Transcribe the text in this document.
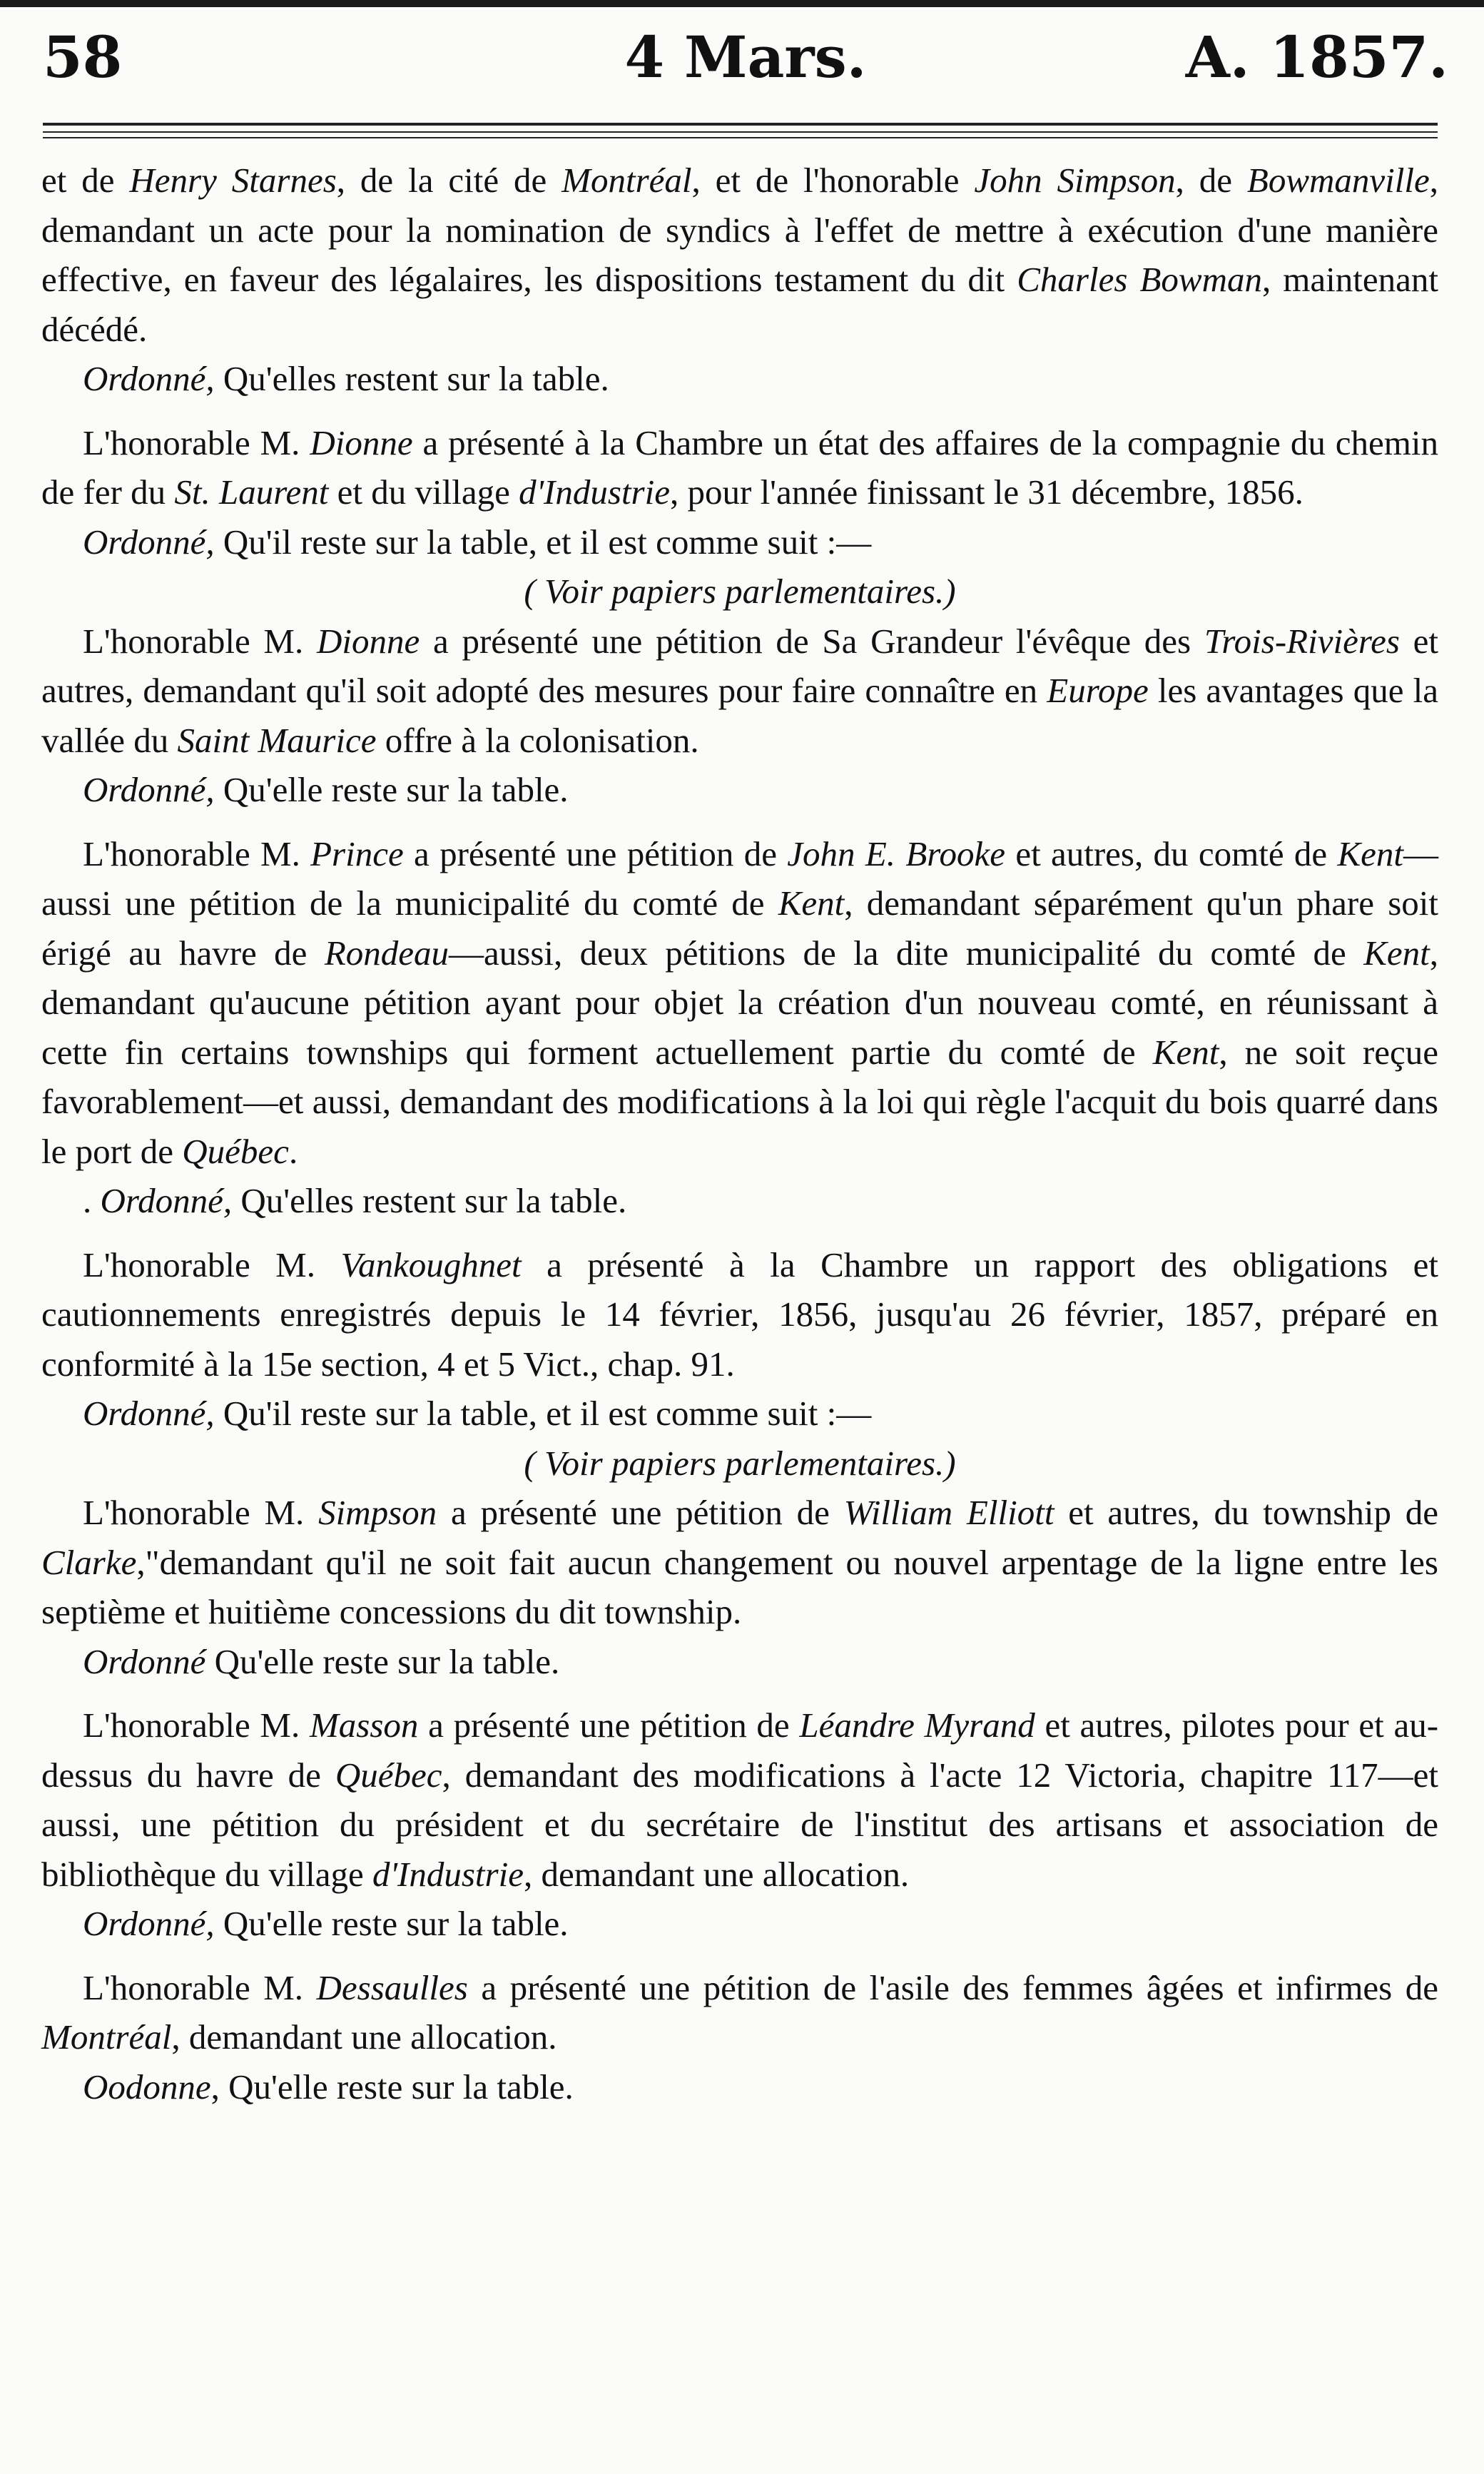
58	4 Mars.	A. 1857.

et de Henry Starnes, de la cité de Montréal, et de l'honorable John Simpson, de Bowmanville, demandant un acte pour la nomination de syndics à l'effet de mettre à exécution d'une manière effective, en faveur des légalaires, les dispositions testament du dit Charles Bowman, maintenant décédé.

Ordonné, Qu'elles restent sur la table.

L'honorable M. Dionne a présenté à la Chambre un état des affaires de la compagnie du chemin de fer du St. Laurent et du village d'Industrie, pour l'année finissant le 31 décembre, 1856.

Ordonné, Qu'il reste sur la table, et il est comme suit :—

( Voir papiers parlementaires.)

L'honorable M. Dionne a présenté une pétition de Sa Grandeur l'évêque des Trois-Rivières et autres, demandant qu'il soit adopté des mesures pour faire connaître en Europe les avantages que la vallée du Saint Maurice offre à la colonisation.

Ordonné, Qu'elle reste sur la table.

L'honorable M. Prince a présenté une pétition de John E. Brooke et autres, du comté de Kent—aussi une pétition de la municipalité du comté de Kent, demandant séparément qu'un phare soit érigé au havre de Rondeau—aussi, deux pétitions de la dite municipalité du comté de Kent, demandant qu'aucune pétition ayant pour objet la création d'un nouveau comté, en réunissant à cette fin certains townships qui forment actuellement partie du comté de Kent, ne soit reçue favorablement—et aussi, demandant des modifications à la loi qui règle l'acquit du bois quarré dans le port de Québec.

. Ordonné, Qu'elles restent sur la table.

L'honorable M. Vankoughnet a présenté à la Chambre un rapport des obligations et cautionnements enregistrés depuis le 14 février, 1856, jusqu'au 26 février, 1857, préparé en conformité à la 15e section, 4 et 5 Vict., chap. 91.

Ordonné, Qu'il reste sur la table, et il est comme suit :—

( Voir papiers parlementaires.)

L'honorable M. Simpson a présenté une pétition de William Elliott et autres, du township de Clarke,"demandant qu'il ne soit fait aucun changement ou nouvel arpentage de la ligne entre les septième et huitième concessions du dit township.

Ordonné Qu'elle reste sur la table.

L'honorable M. Masson a présenté une pétition de Léandre Myrand et autres, pilotes pour et au-dessus du havre de Québec, demandant des modifications à l'acte 12 Victoria, chapitre 117—et aussi, une pétition du président et du secrétaire de l'institut des artisans et association de bibliothèque du village d'Industrie, demandant une allocation.

Ordonné, Qu'elle reste sur la table.

L'honorable M. Dessaulles a présenté une pétition de l'asile des femmes âgées et infirmes de Montréal, demandant une allocation.

Oodonne, Qu'elle reste sur la table.
